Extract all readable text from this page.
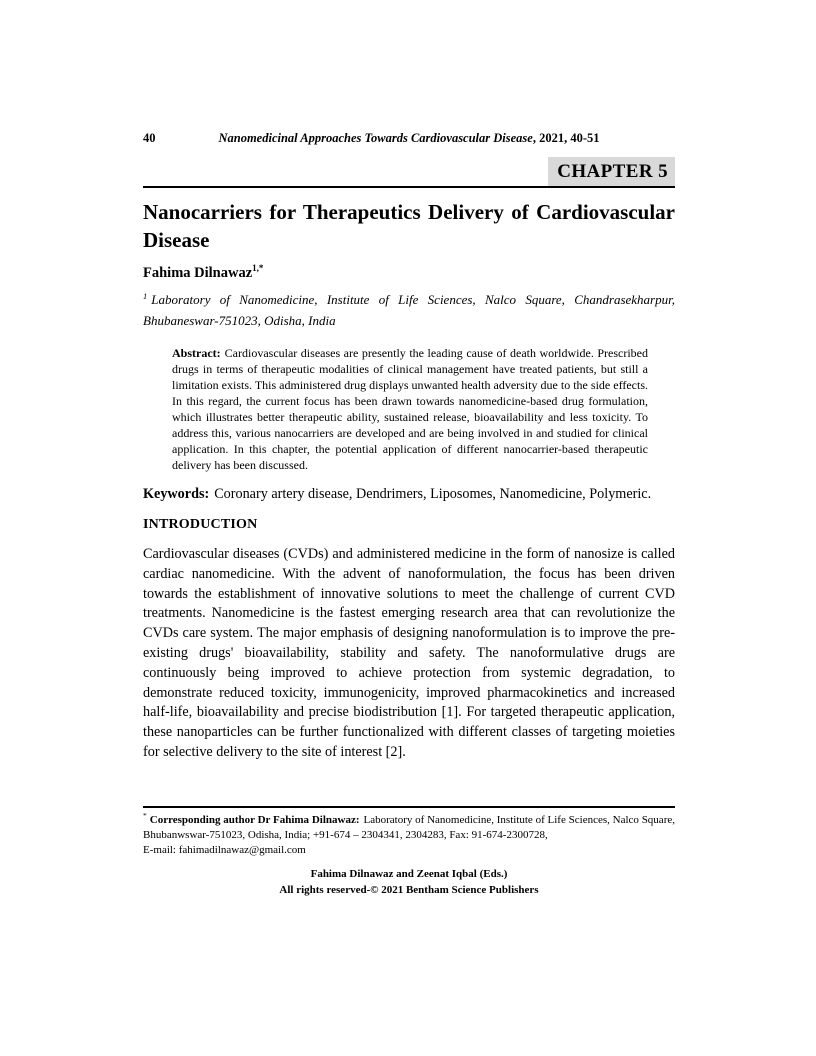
40	Nanomedicinal Approaches Towards Cardiovascular Disease, 2021, 40-51
CHAPTER 5
Nanocarriers for Therapeutics Delivery of Cardiovascular Disease
Fahima Dilnawaz$^{1,*}$
$^1$ Laboratory of Nanomedicine, Institute of Life Sciences, Nalco Square, Chandrasekharpur, Bhubaneswar-751023, Odisha, India
Abstract: Cardiovascular diseases are presently the leading cause of death worldwide. Prescribed drugs in terms of therapeutic modalities of clinical management have treated patients, but still a limitation exists. This administered drug displays unwanted health adversity due to the side effects. In this regard, the current focus has been drawn towards nanomedicine-based drug formulation, which illustrates better therapeutic ability, sustained release, bioavailability and less toxicity. To address this, various nanocarriers are developed and are being involved in and studied for clinical application. In this chapter, the potential application of different nanocarrier-based therapeutic delivery has been discussed.
Keywords: Coronary artery disease, Dendrimers, Liposomes, Nanomedicine, Polymeric.
INTRODUCTION

Cardiovascular diseases (CVDs) and administered medicine in the form of nanosize is called cardiac nanomedicine. With the advent of nanoformulation, the focus has been driven towards the establishment of innovative solutions to meet the challenge of current CVD treatments. Nanomedicine is the fastest emerging research area that can revolutionize the CVDs care system. The major emphasis of designing nanoformulation is to improve the pre-existing drugs' bioavailability, stability and safety. The nanoformulative drugs are continuously being improved to achieve protection from systemic degradation, to demonstrate reduced toxicity, immunogenicity, improved pharmacokinetics and increased half-life, bioavailability and precise biodistribution [1]. For targeted therapeutic application, these nanoparticles can be further functionalized with different classes of targeting moieties for selective delivery to the site of interest [2].

* Corresponding author Dr Fahima Dilnawaz: Laboratory of Nanomedicine, Institute of Life Sciences, Nalco Square, Bhubanwswar-751023, Odisha, India; +91-674 – 2304341, 2304283, Fax: 91-674-2300728,
E-mail: fahimadilnawaz@gmail.com
Fahima Dilnawaz and Zeenat Iqbal (Eds.)
All rights reserved-© 2021 Bentham Science Publishers
